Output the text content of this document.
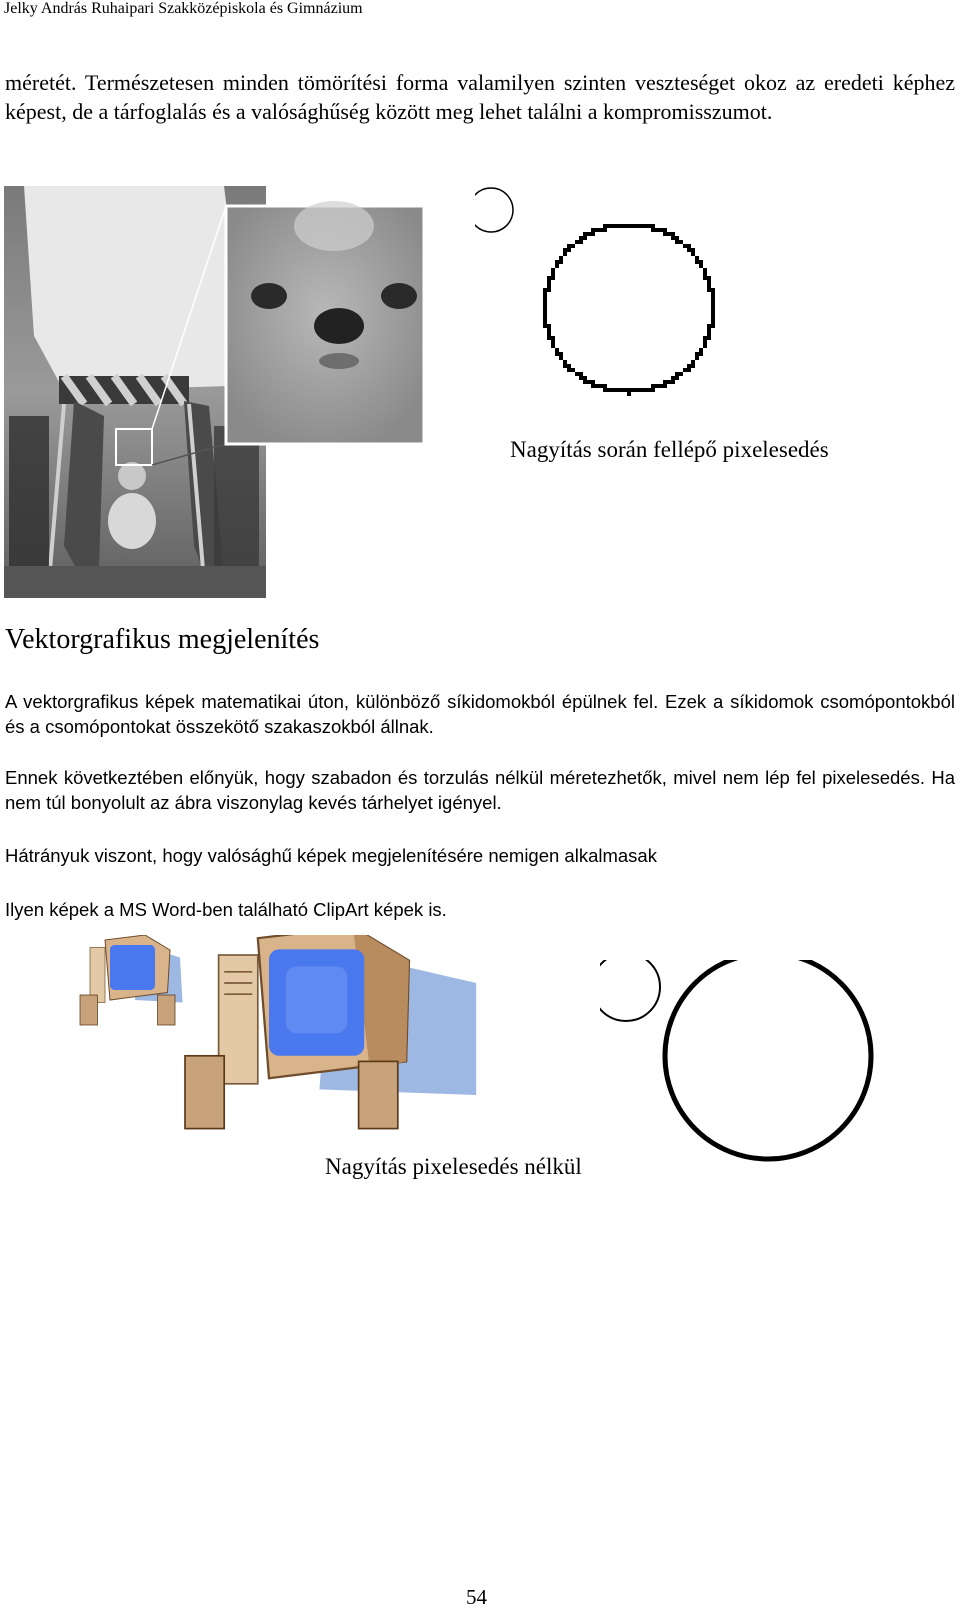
Jelky András Ruhaipari Szakközépiskola és Gimnázium
méretét. Természetesen minden tömörítési forma valamilyen szinten veszteséget okoz az eredeti képhez képest, de a tárfoglalás és a valósághűség között meg lehet találni a kompromisszumot.
Nagyítás során fellépő pixelesedés
Vektorgrafikus megjelenítés

A vektorgrafikus képek matematikai úton, különböző síkidomokból épülnek fel. Ezek a síkidomok csomópontokból és a csomópontokat összekötő szakaszokból állnak.

Ennek következtében előnyük, hogy szabadon és torzulás nélkül méretezhetők, mivel nem lép fel pixelesedés. Ha nem túl bonyolult az ábra viszonylag kevés tárhelyet igényel.

Hátrányuk viszont, hogy valósághű képek megjelenítésére nemigen alkalmasak

Ilyen képek a MS Word-ben található ClipArt képek is.

Nagyítás pixelesedés nélkül
54
